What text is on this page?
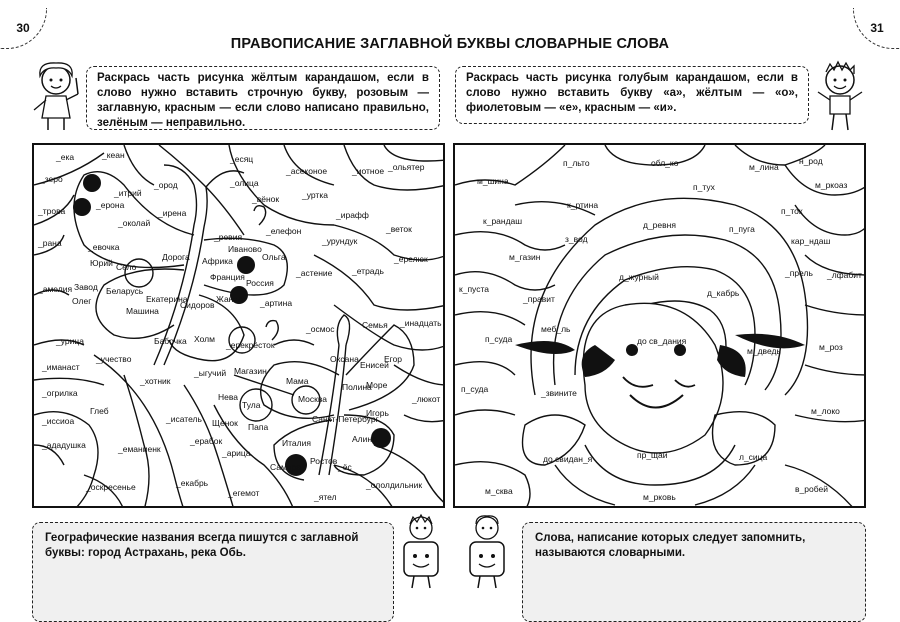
30	31
ПРАВОПИСАНИЕ ЗАГЛАВНОЙ БУКВЫ СЛОВАРНЫЕ СЛОВА
Раскрась часть рисунка жёлтым карандашом, если в слово нужно вставить строчную букву, розовым — заглавную, красным — если слово написано правильно, зелёным — неправильно.
Раскрась часть рисунка голубым карандашом, если в слово нужно вставить букву «а», жёлтым — «о», фиолетовым — «е», красным — «и».
_ека	_кеан	_есяц
_зеро
_итрий
_ород
_асеконое	_иотное _ольятер
_трова
_ерона
_околай
_олица
_вёнок	_уртка
_ирена
_ревия
_ирафф
_веток
_рана	_евочка
_елефон
_урундук
Юрий Село
Дорога Африка
Иваново
Ольга
_астение _етрадь
_амелия Завод Беларусь
Франция
Россия
_ерелюк
Олег	Екатерина
Сидоров
Жанна _артина
_урица
Машина
Бабочка Холм
_осмос	Семья _инадцать
_иманаст
_учество
_ерекрёсток
Оксана
Енисей
Егор
_ыгучий
_хотник
Магазин
Мама
Москва
Полина
Море
_люкот
_огрилка
Глеб
Нева
Тула
Санкт-Петербург
Игорь
_иссиоа	_исатель Щенок Папа
Италия	Алина
_ададушка	_еманиенк
_ерабок
_арица
Самара
Ростов
_ёс
_оскресенье	_екабрь
_егемот	_ятел
_ололдильник
п_льто	обл_ко	м_лина
н_род
м_шина
п_тух	м_ркоаз
к_ртина
п_ток
д_ревня	п_пуга
к_рандаш
з_вод	кар_ндаш
м_газин
д_журный	_лфабит
к_пуста
_правит
д_кабрь
_прель
меб_ль
п_суда	до св_дания
м_дведь	м_роз
_звините
п_суда
м_локо
до свидан_я	пр_щай	л_сица
м_сква
м_рковь
в_робей
Географические названия всегда пишутся с заглавной буквы: город Астрахань, река Обь.
Слова, написание которых следует запомнить, называются словарными.
